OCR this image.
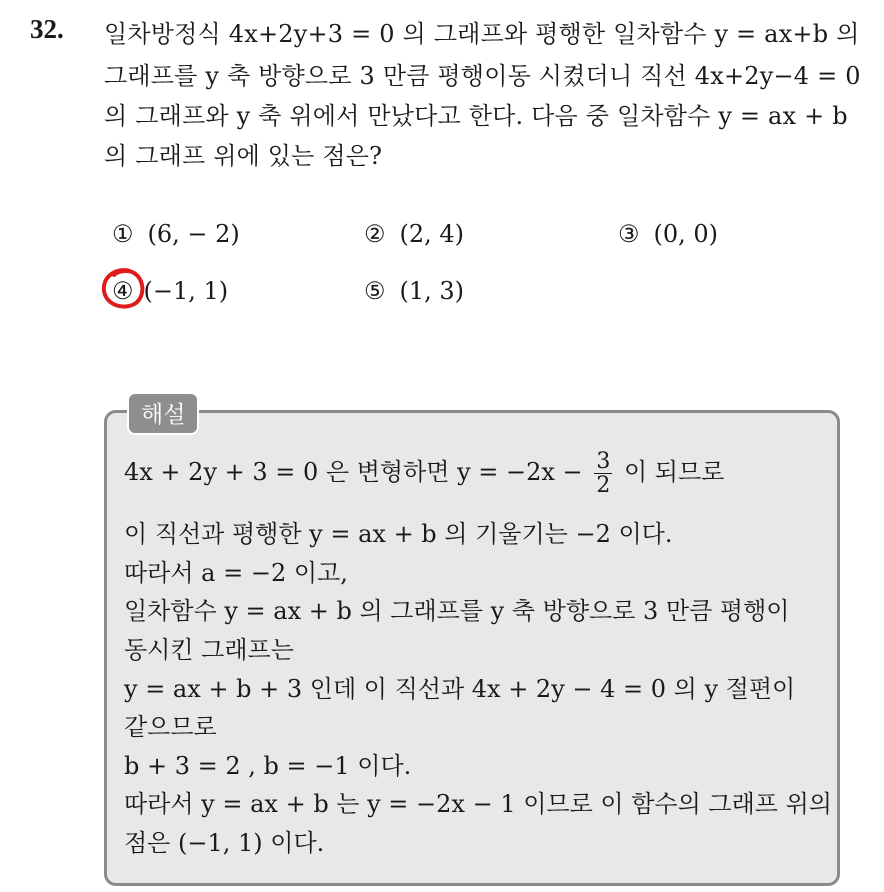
32. 일차방정식 4x+2y+3 = 0 의 그래프와 평행한 일차함수 y = ax+b 의
그래프를 y 축 방향으로 3 만큼 평행이동 시켰더니 직선 4x+2y−4 = 0
의 그래프와 y 축 위에서 만났다고 한다. 다음 중 일차함수 y = ax + b
의 그래프 위에 있는 점은?
① (6, − 2)	② (2, 4)	③ (0, 0)
④ (−1, 1)	⑤ (1, 3)
해설
4x + 2y + 3 = 0 은 변형하면 $y = -2x - \frac{3}{2}$ 이 되므로
이 직선과 평행한 y = ax + b 의 기울기는 −2 이다.
따라서 a = −2 이고,
일차함수 y = ax + b 의 그래프를 y 축 방향으로 3 만큼 평행이
동시킨 그래프는
y = ax + b + 3 인데 이 직선과 4x + 2y − 4 = 0 의 y 절편이
같으므로
b + 3 = 2 , b = −1 이다.
따라서 y = ax + b 는 y = −2x − 1 이므로 이 함수의 그래프 위의
점은 (−1, 1) 이다.
